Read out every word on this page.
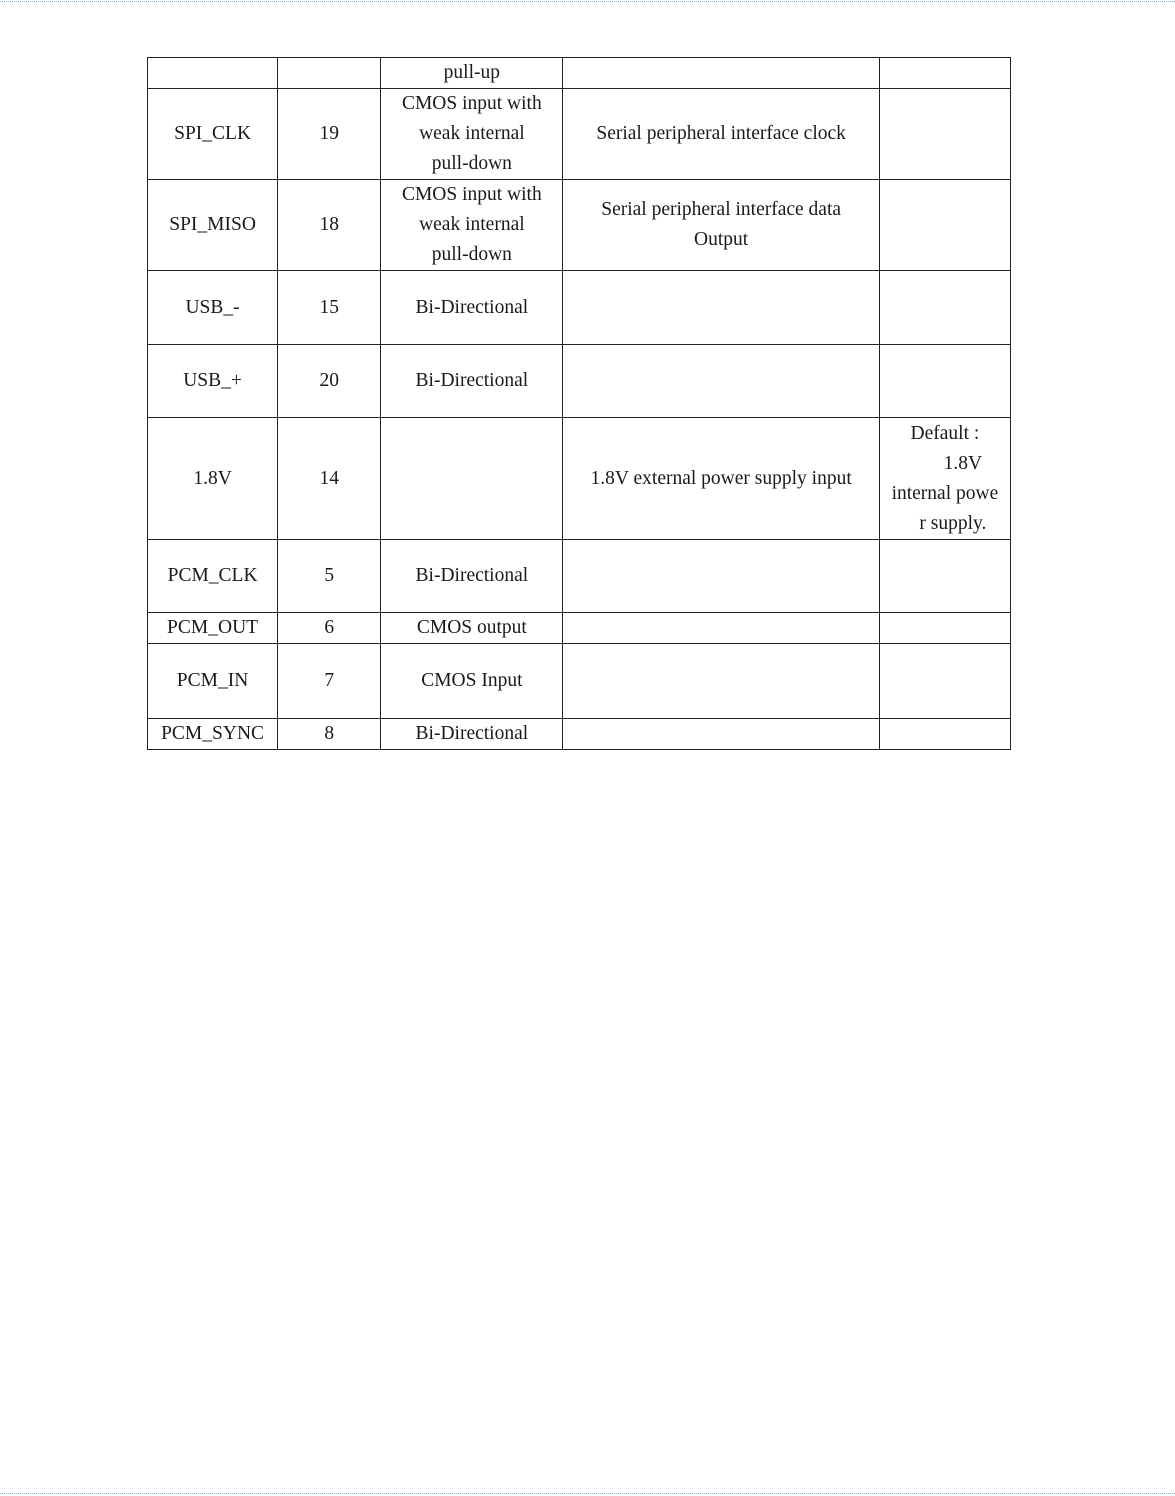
		pull-up		

SPI_CLK	19	CMOS input with
weak internal
pull-down	Serial peripheral interface clock	

SPI_MISO	18	CMOS input with
weak internal
pull-down	Serial peripheral interface data
Output	

USB_-	15	Bi-Directional		

USB_+	20	Bi-Directional		

1.8V	14		1.8V external power supply input	Default :
1.8V
internal powe
r supply.

PCM_CLK	5	Bi-Directional		

PCM_OUT	6	CMOS output		

PCM_IN	7	CMOS Input		

PCM_SYNC	8	Bi-Directional		
